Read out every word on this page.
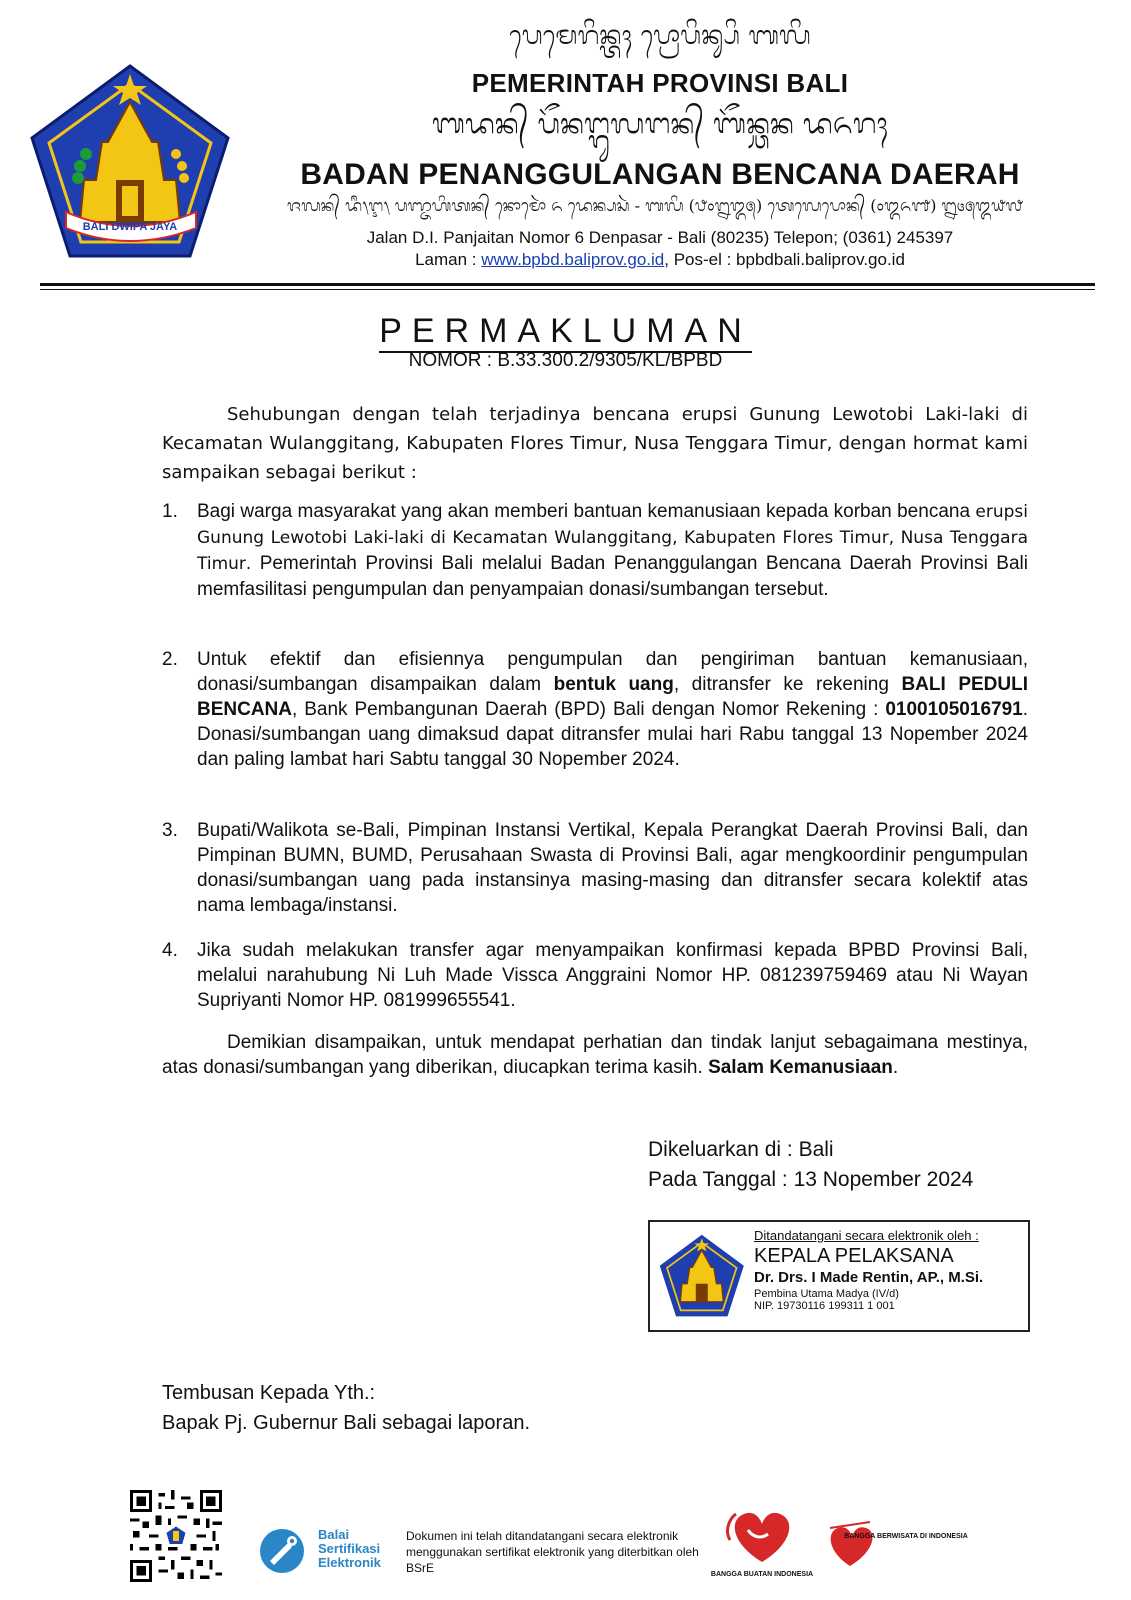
BALI DWIPA JAYA
ᬧᬾᬫᬾᬭᬶᬦ᭄ᬢᬄ ᬧ᭄ᬭᭀᬧᬶᬦ᭄ᬲᬶ ᬩᬮᬶ
PEMERINTAH PROVINSI BALI
ᬩᬤᬦ᭄ ᬧᭂᬦᬗ᭄ᬕᬸᬮᬗᬦ᭄ ᬩᭂᬦ᭄ᬘᬦ ᬤᬏᬭᬄ
BADAN PENANGGULANGAN BENCANA DAERAH
ᬚᬮᬦ᭄ ᬤᬷ᭞ᬇ᭞ ᬧᬜ᭄ᬚᬳᬶᬢᬦ᭄ ᬦᭀᬫᭀᬃ ᭖ ᬤᬾᬦ᭄ᬧᬲᬃ - ᬩᬮᬶ (᭘᭐᭒᭓᭕) ᬢᬾᬮᬾᬧᭀᬦ᭄ (᭐᭓᭖᭑) ᭒᭔᭕᭓᭙᭗
Jalan D.I. Panjaitan Nomor 6 Denpasar - Bali (80235) Telepon; (0361) 245397
Laman : www.bpbd.baliprov.go.id, Pos-el : bpbdbali.baliprov.go.id
PERMAKLUMAN
NOMOR : B.33.300.2/9305/KL/BPBD
Sehubungan dengan telah terjadinya bencana erupsi Gunung Lewotobi Laki-laki di Kecamatan Wulanggitang, Kabupaten Flores Timur, Nusa Tenggara Timur, dengan hormat kami sampaikan sebagai berikut :
1.	Bagi warga masyarakat yang akan memberi bantuan kemanusiaan kepada korban bencana erupsi Gunung Lewotobi Laki-laki di Kecamatan Wulanggitang, Kabupaten Flores Timur, Nusa Tenggara Timur. Pemerintah Provinsi Bali melalui Badan Penanggulangan Bencana Daerah Provinsi Bali memfasilitasi pengumpulan dan penyampaian donasi/sumbangan tersebut.
2.	Untuk efektif dan efisiennya pengumpulan dan pengiriman bantuan kemanusiaan, donasi/sumbangan disampaikan dalam bentuk uang, ditransfer ke rekening BALI PEDULI BENCANA, Bank Pembangunan Daerah (BPD) Bali dengan Nomor Rekening : 0100105016791. Donasi/sumbangan uang dimaksud dapat ditransfer mulai hari Rabu tanggal 13 Nopember 2024 dan paling lambat hari Sabtu tanggal 30 Nopember 2024.
3.	Bupati/Walikota se-Bali, Pimpinan Instansi Vertikal, Kepala Perangkat Daerah Provinsi Bali, dan Pimpinan BUMN, BUMD, Perusahaan Swasta di Provinsi Bali, agar mengkoordinir pengumpulan donasi/sumbangan uang pada instansinya masing-masing dan ditransfer secara kolektif atas nama lembaga/instansi.
4.	Jika sudah melakukan transfer agar menyampaikan konfirmasi kepada BPBD Provinsi Bali, melalui narahubung Ni Luh Made Vissca Anggraini Nomor HP. 081239759469 atau Ni Wayan Supriyanti Nomor HP. 081999655541.
Demikian disampaikan, untuk mendapat perhatian dan tindak lanjut sebagaimana mestinya, atas donasi/sumbangan yang diberikan, diucapkan terima kasih. Salam Kemanusiaan.
Dikeluarkan di : Bali
Pada Tanggal : 13 Nopember 2024
Ditandatangani secara elektronik oleh :
KEPALA PELAKSANA
Dr. Drs. I Made Rentin, AP., M.Si.
Pembina Utama Madya (IV/d)
NIP. 19730116 199311 1 001
Tembusan Kepada Yth.:
Bapak Pj. Gubernur Bali sebagai laporan.
Balai
Sertifikasi
Elektronik
Dokumen ini telah ditandatangani secara elektronik menggunakan sertifikat elektronik yang diterbitkan oleh BSrE	BANGGA BUATAN INDONESIA
BANGGA BERWISATA DI INDONESIA
